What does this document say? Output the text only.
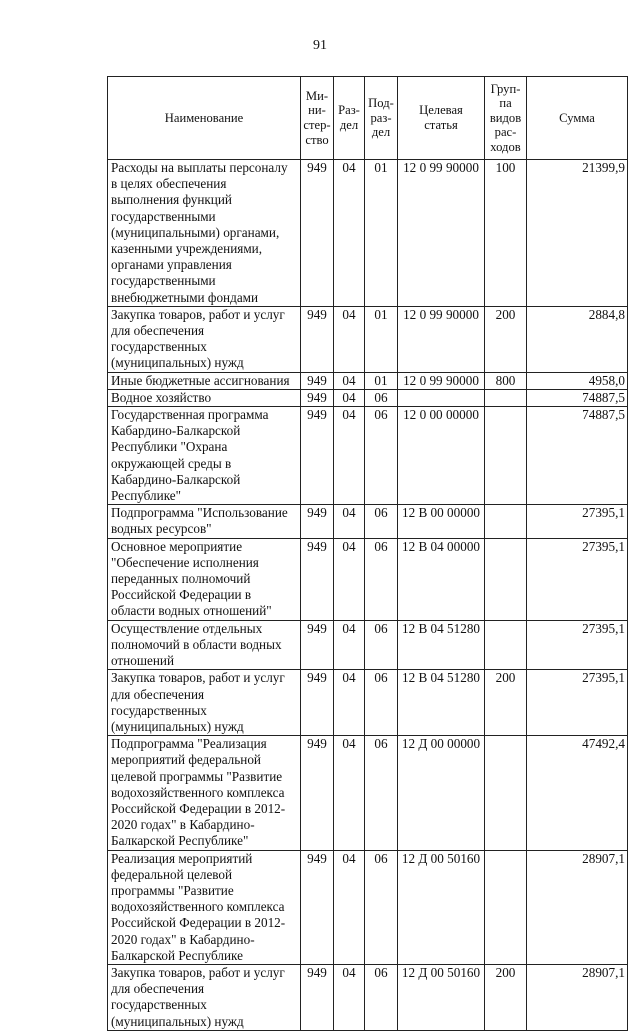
91
Наименование	Ми-
ни-
стер-
ство	Раз-
дел	Под-
раз-
дел	Целевая
статья	Груп-
па
видов
рас-
ходов	Сумма
Расходы на выплаты персоналу в целях обеспечения выполнения функций государственными (муниципальными) органами, казенными учреждениями, органами управления государственными внебюджетными фондами	949	04	01	12 0 99 90000	100	21399,9
Закупка товаров, работ и услуг для обеспечения государственных (муниципальных) нужд	949	04	01	12 0 99 90000	200	2884,8
Иные бюджетные ассигнования	949	04	01	12 0 99 90000	800	4958,0
Водное хозяйство	949	04	06			74887,5
Государственная программа Кабардино-Балкарской Республики "Охрана окружающей среды в Кабардино-Балкарской Республике"	949	04	06	12 0 00 00000		74887,5
Подпрограмма "Использование водных ресурсов"	949	04	06	12 В 00 00000		27395,1
Основное мероприятие "Обеспечение исполнения переданных полномочий Российской Федерации в области водных отношений"	949	04	06	12 В 04 00000		27395,1
Осуществление отдельных полномочий в области водных отношений	949	04	06	12 В 04 51280		27395,1
Закупка товаров, работ и услуг для обеспечения государственных (муниципальных) нужд	949	04	06	12 В 04 51280	200	27395,1
Подпрограмма "Реализация мероприятий федеральной целевой программы "Развитие водохозяйственного комплекса Российской Федерации в 2012-2020 годах" в Кабардино-Балкарской Республике"	949	04	06	12 Д 00 00000		47492,4
Реализация мероприятий федеральной целевой программы "Развитие водохозяйственного комплекса Российской Федерации в 2012-2020 годах" в Кабардино-Балкарской Республике	949	04	06	12 Д 00 50160		28907,1
Закупка товаров, работ и услуг для обеспечения государственных (муниципальных) нужд	949	04	06	12 Д 00 50160	200	28907,1
